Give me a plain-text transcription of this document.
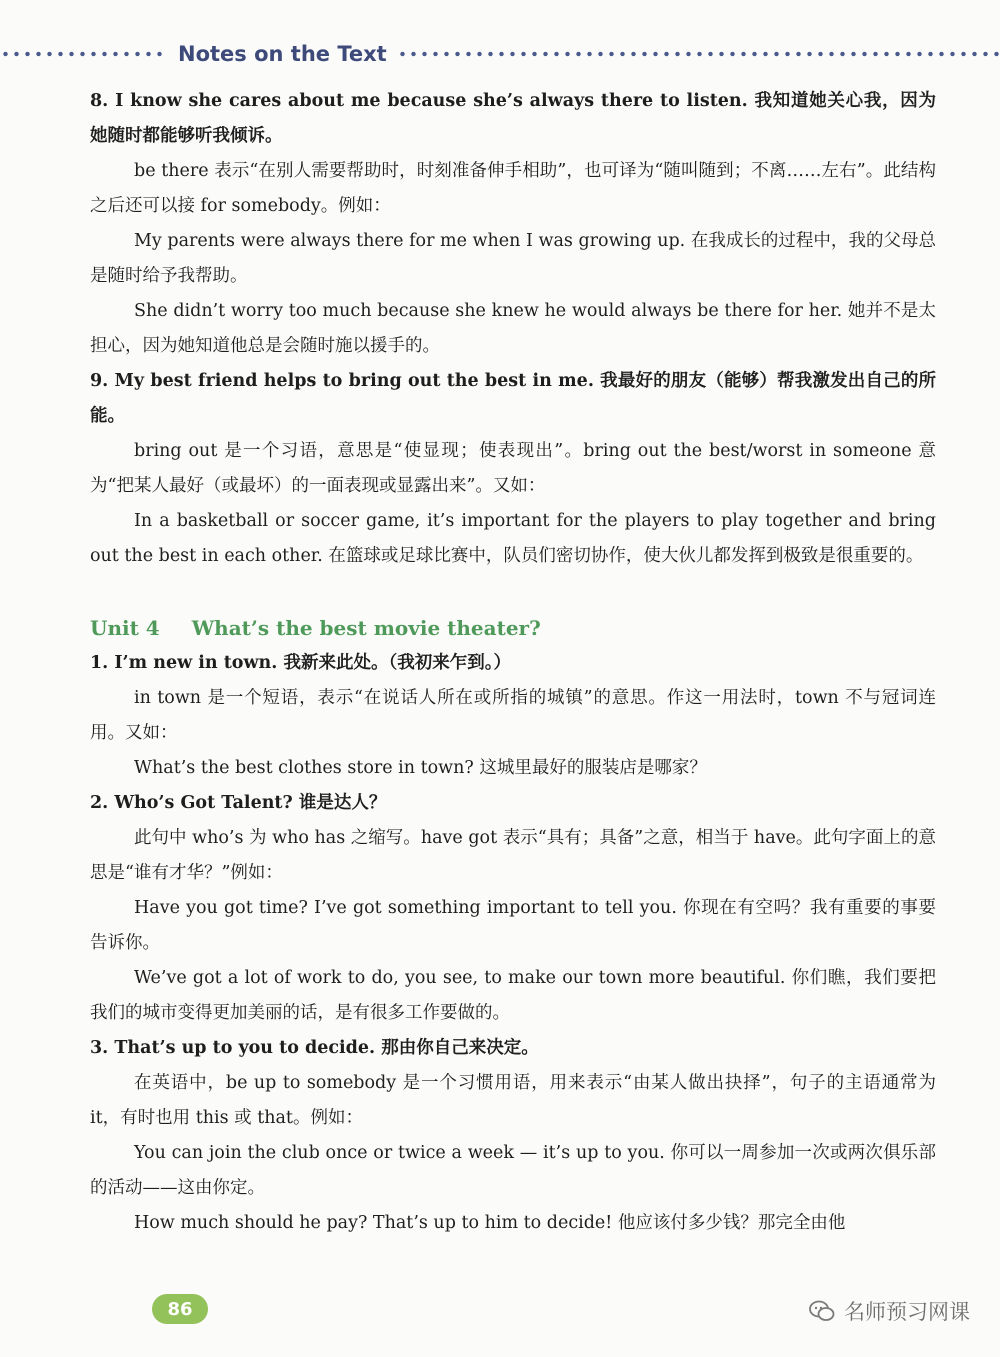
Notes on the Text

8. I know she cares about me because she’s always there to listen. 我知道她关心我，因为她随时都能够听我倾诉。

be there 表示“在别人需要帮助时，时刻准备伸手相助”，也可译为“随叫随到；不离……左右”。此结构之后还可以接 for somebody。例如：

My parents were always there for me when I was growing up. 在我成长的过程中，我的父母总是随时给予我帮助。

She didn’t worry too much because she knew he would always be there for her. 她并不是太担心，因为她知道他总是会随时施以援手的。

9. My best friend helps to bring out the best in me. 我最好的朋友（能够）帮我激发出自己的所能。

bring out 是一个习语，意思是“使显现；使表现出”。bring out the best/worst in someone 意为“把某人最好（或最坏）的一面表现或显露出来”。又如：

In a basketball or soccer game, it’s important for the players to play together and bring out the best in each other. 在篮球或足球比赛中，队员们密切协作，使大伙儿都发挥到极致是很重要的。

Unit 4 What’s the best movie theater?

1. I’m new in town. 我新来此处。（我初来乍到。）

in town 是一个短语，表示“在说话人所在或所指的城镇”的意思。作这一用法时，town 不与冠词连用。又如：

What’s the best clothes store in town? 这城里最好的服装店是哪家？

2. Who’s Got Talent? 谁是达人？

此句中 who’s 为 who has 之缩写。have got 表示“具有；具备”之意，相当于 have。此句字面上的意思是“谁有才华？”例如：

Have you got time? I’ve got something important to tell you. 你现在有空吗？我有重要的事要告诉你。

We’ve got a lot of work to do, you see, to make our town more beautiful. 你们瞧，我们要把我们的城市变得更加美丽的话，是有很多工作要做的。

3. That’s up to you to decide. 那由你自己来决定。

在英语中，be up to somebody 是一个习惯用语，用来表示“由某人做出抉择”，句子的主语通常为 it，有时也用 this 或 that。例如：

You can join the club once or twice a week — it’s up to you. 你可以一周参加一次或两次俱乐部的活动——这由你定。

How much should he pay? That’s up to him to decide! 他应该付多少钱？那完全由他

86	名师预习网课
